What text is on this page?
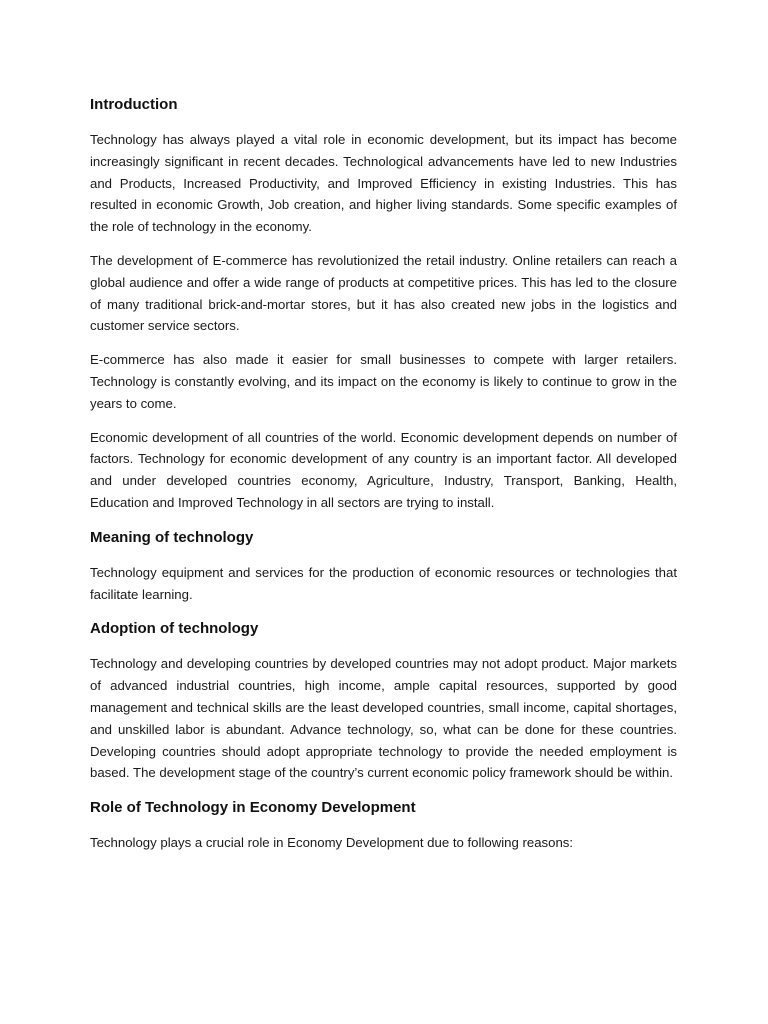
Introduction

Technology has always played a vital role in economic development, but its impact has become increasingly significant in recent decades. Technological advancements have led to new Industries and Products, Increased Productivity, and Improved Efficiency in existing Industries. This has resulted in economic Growth, Job creation, and higher living standards. Some specific examples of the role of technology in the economy.

The development of E-commerce has revolutionized the retail industry. Online retailers can reach a global audience and offer a wide range of products at competitive prices. This has led to the closure of many traditional brick-and-mortar stores, but it has also created new jobs in the logistics and customer service sectors.

E-commerce has also made it easier for small businesses to compete with larger retailers. Technology is constantly evolving, and its impact on the economy is likely to continue to grow in the years to come.

Economic development of all countries of the world. Economic development depends on number of factors. Technology for economic development of any country is an important factor. All developed and under developed countries economy, Agriculture, Industry, Transport, Banking, Health, Education and Improved Technology in all sectors are trying to install.

Meaning of technology

Technology equipment and services for the production of economic resources or technologies that facilitate learning.

Adoption of technology

Technology and developing countries by developed countries may not adopt product. Major markets of advanced industrial countries, high income, ample capital resources, supported by good management and technical skills are the least developed countries, small income, capital shortages, and unskilled labor is abundant. Advance technology, so, what can be done for these countries. Developing countries should adopt appropriate technology to provide the needed employment is based. The development stage of the country’s current economic policy framework should be within.

Role of Technology in Economy Development

Technology plays a crucial role in Economy Development due to following reasons:
